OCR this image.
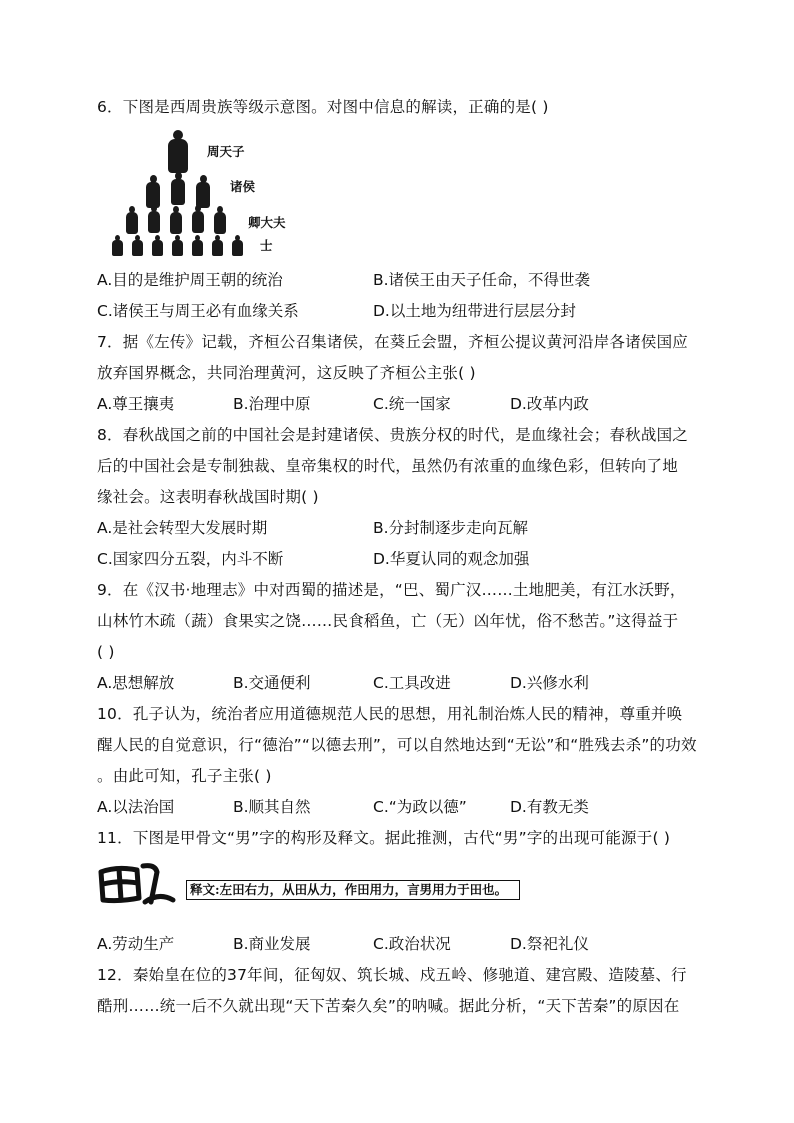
6．下图是西周贵族等级示意图。对图中信息的解读，正确的是( )
周天子
诸侯
卿大夫
士
A.目的是维护周王朝的统治	B.诸侯王由天子任命，不得世袭
C.诸侯王与周王必有血缘关系	D.以土地为纽带进行层层分封
7．据《左传》记载，齐桓公召集诸侯，在葵丘会盟，齐桓公提议黄河沿岸各诸侯国应
放弃国界概念，共同治理黄河，这反映了齐桓公主张( )
A.尊王攘夷	B.治理中原	C.统一国家	D.改革内政
8．春秋战国之前的中国社会是封建诸侯、贵族分权的时代，是血缘社会；春秋战国之
后的中国社会是专制独裁、皇帝集权的时代，虽然仍有浓重的血缘色彩，但转向了地
缘社会。这表明春秋战国时期( )
A.是社会转型大发展时期	B.分封制逐步走向瓦解
C.国家四分五裂，内斗不断	D.华夏认同的观念加强
9．在《汉书·地理志》中对西蜀的描述是，“巴、蜀广汉……土地肥美，有江水沃野，
山林竹木疏（蔬）食果实之饶……民食稻鱼，亡（无）凶年忧，俗不愁苦。”这得益于
( )
A.思想解放	B.交通便利	C.工具改进	D.兴修水利
10．孔子认为，统治者应用道德规范人民的思想，用礼制治炼人民的精神，尊重并唤
醒人民的自觉意识，行“德治”“以德去刑”，可以自然地达到“无讼”和“胜残去杀”的功效
。由此可知，孔子主张( )
A.以法治国	B.顺其自然	C.“为政以德”	D.有教无类
11．下图是甲骨文“男”字的构形及释文。据此推测，古代“男”字的出现可能源于( )
释文:左田右力，从田从力，作田用力，言男用力于田也。
A.劳动生产	B.商业发展	C.政治状况	D.祭祀礼仪
12．秦始皇在位的37年间，征匈奴、筑长城、戍五岭、修驰道、建宫殿、造陵墓、行
酷刑……统一后不久就出现“天下苦秦久矣”的呐喊。据此分析，“天下苦秦”的原因在
